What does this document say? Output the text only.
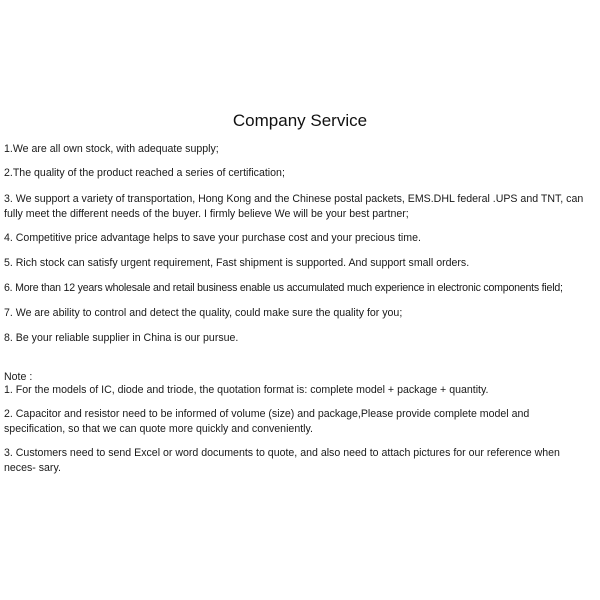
Company Service
1.We are all own stock, with adequate supply;
2.The quality of the product reached a series of certification;
3. We support a variety of transportation, Hong Kong and the Chinese postal packets, EMS.DHL federal .UPS and TNT, can fully meet the different needs of the buyer. I firmly believe We will be your best partner;
4. Competitive price advantage helps to save your purchase cost and your precious time.
5. Rich stock can satisfy urgent requirement, Fast shipment is supported. And support small orders.
6. More than 12 years wholesale and retail business enable us accumulated much experience in electronic components field;
7. We are ability to control and detect the quality, could make sure the quality for you;
8. Be your reliable supplier in China is our pursue.
Note :
1. For the models of IC, diode and triode, the quotation format is: complete model + package + quantity.
2. Capacitor and resistor need to be informed of volume (size) and package,Please provide complete model and specification, so that we can quote more quickly and conveniently.
3. Customers need to send Excel or word documents to quote, and also need to attach pictures for our reference when neces- sary.
